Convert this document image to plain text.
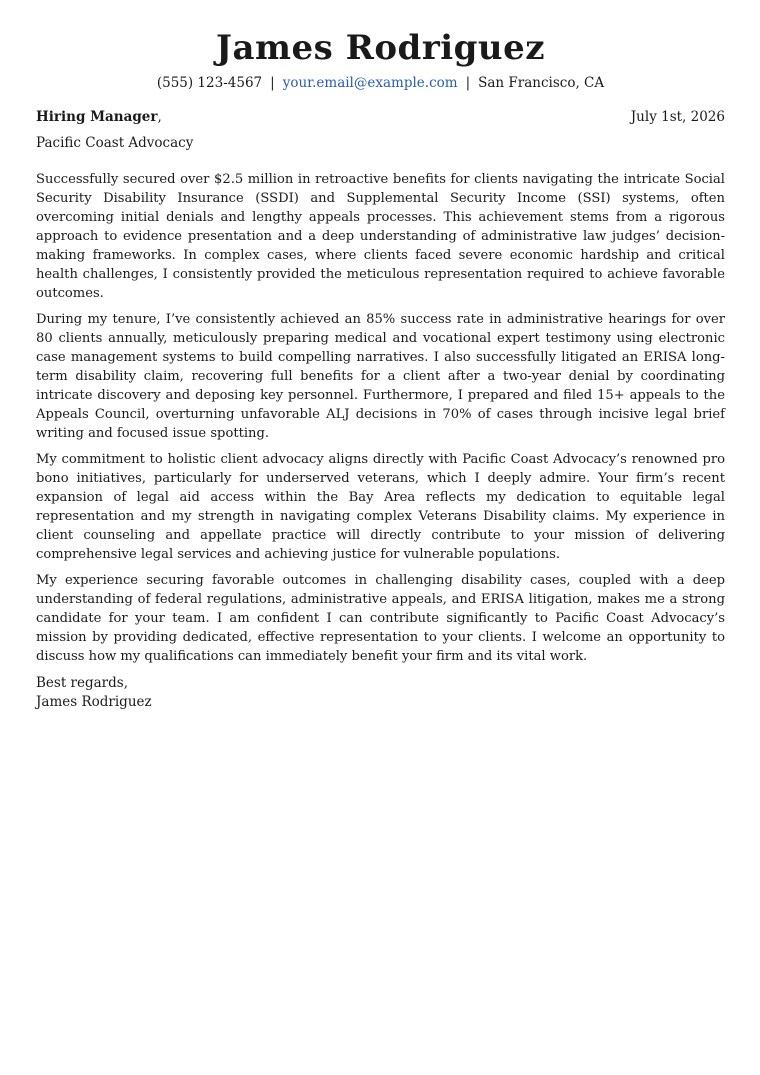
James Rodriguez
(555) 123-4567 | your.email@example.com | San Francisco, CA
Hiring Manager,	July 1st, 2026
Pacific Coast Advocacy

Successfully secured over $2.5 million in retroactive benefits for clients navigating the intricate Social Security Disability Insurance (SSDI) and Supplemental Security Income (SSI) systems, often overcoming initial denials and lengthy appeals processes. This achievement stems from a rigorous approach to evidence presentation and a deep understanding of administrative law judges’ decision-making frameworks. In complex cases, where clients faced severe economic hardship and critical health challenges, I consistently provided the meticulous representation required to achieve favorable outcomes.

During my tenure, I’ve consistently achieved an 85% success rate in administrative hearings for over 80 clients annually, meticulously preparing medical and vocational expert testimony using electronic case management systems to build compelling narratives. I also successfully litigated an ERISA long-term disability claim, recovering full benefits for a client after a two-year denial by coordinating intricate discovery and deposing key personnel. Furthermore, I prepared and filed 15+ appeals to the Appeals Council, overturning unfavorable ALJ decisions in 70% of cases through incisive legal brief writing and focused issue spotting.

My commitment to holistic client advocacy aligns directly with Pacific Coast Advocacy’s renowned pro bono initiatives, particularly for underserved veterans, which I deeply admire. Your firm’s recent expansion of legal aid access within the Bay Area reflects my dedication to equitable legal representation and my strength in navigating complex Veterans Disability claims. My experience in client counseling and appellate practice will directly contribute to your mission of delivering comprehensive legal services and achieving justice for vulnerable populations.

My experience securing favorable outcomes in challenging disability cases, coupled with a deep understanding of federal regulations, administrative appeals, and ERISA litigation, makes me a strong candidate for your team. I am confident I can contribute significantly to Pacific Coast Advocacy’s mission by providing dedicated, effective representation to your clients. I welcome an opportunity to discuss how my qualifications can immediately benefit your firm and its vital work.

Best regards,
James Rodriguez
